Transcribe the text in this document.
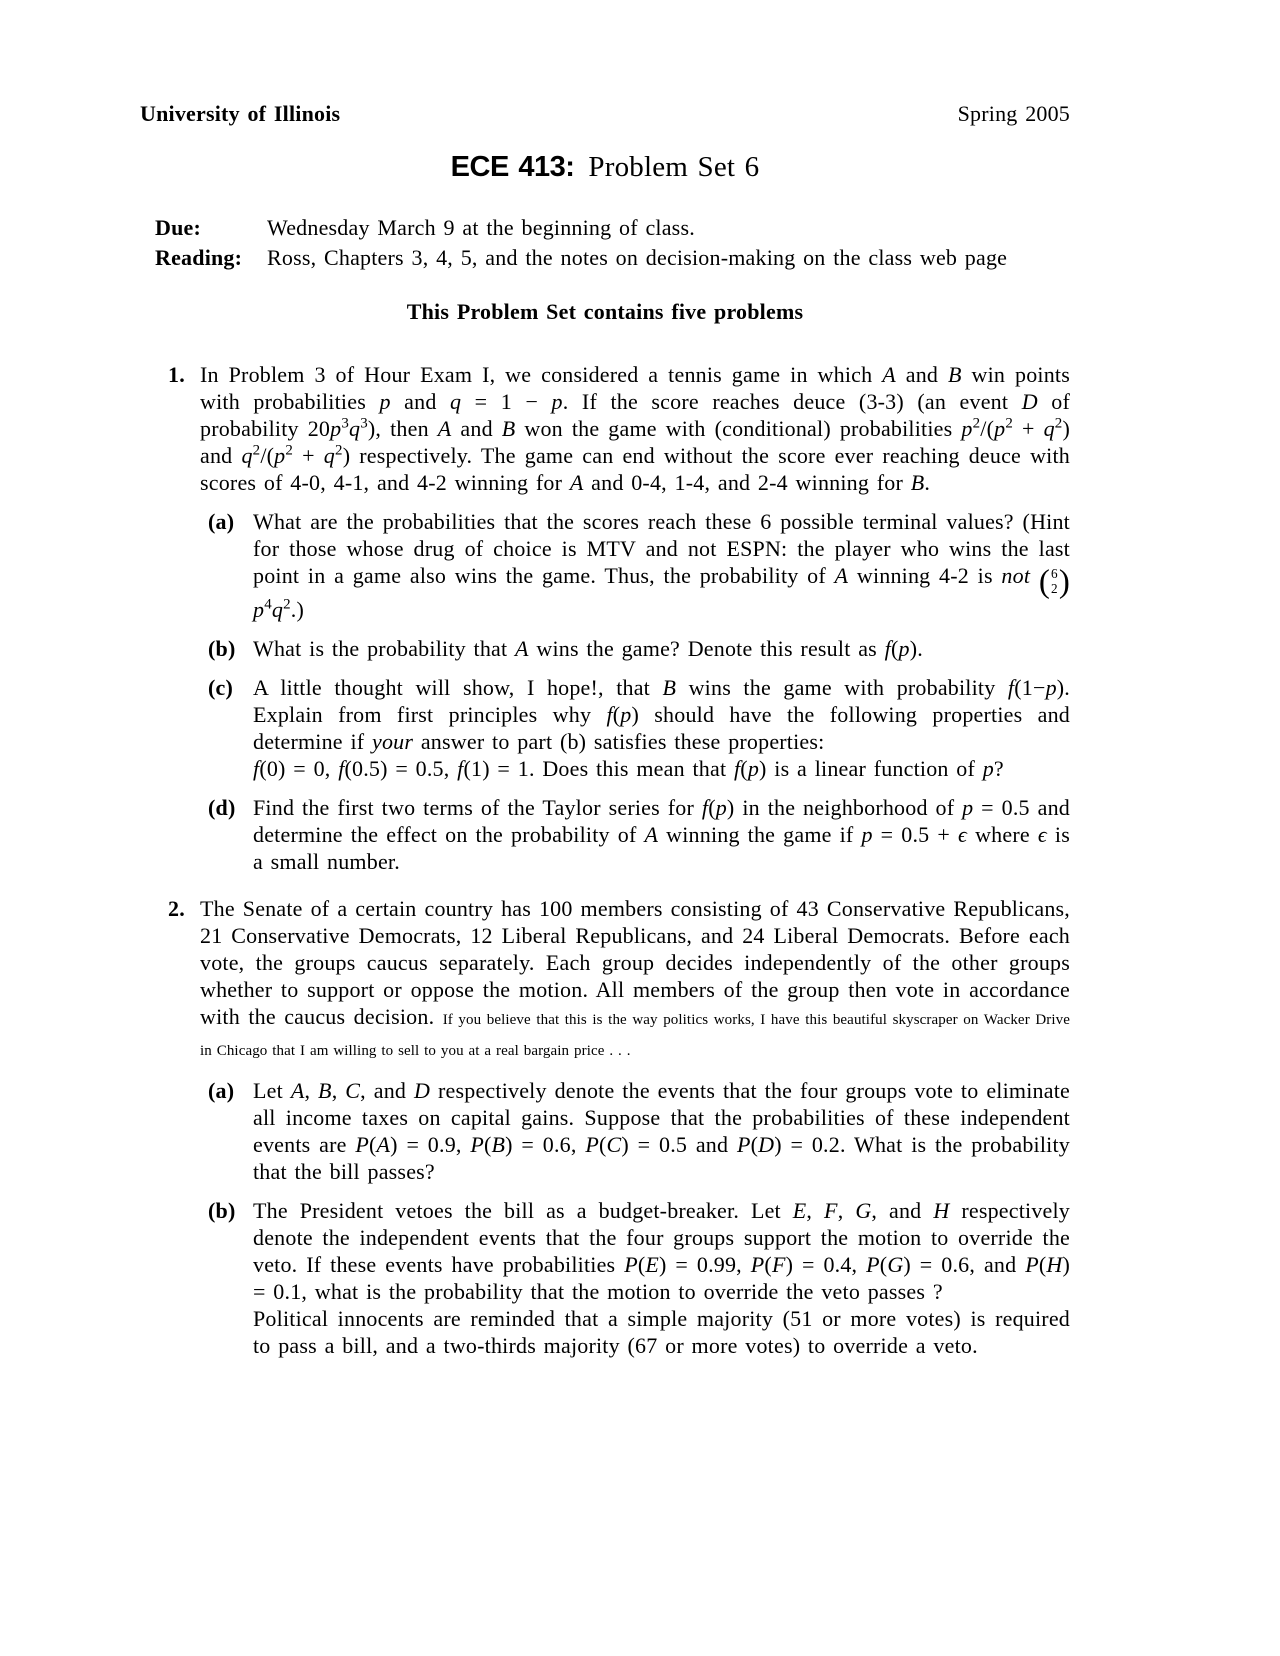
University of Illinois	Spring 2005
ECE 413: Problem Set 6
Due:	Wednesday March 9 at the beginning of class.
Reading: Ross, Chapters 3, 4, 5, and the notes on decision-making on the class web page
This Problem Set contains five problems
1. In Problem 3 of Hour Exam I, we considered a tennis game in which A and B win points with probabilities p and q = 1 − p. If the score reaches deuce (3-3) (an event D of probability $20p^3q^3$), then A and B won the game with (conditional) probabilities $p^2/(p^2 + q^2)$ and $q^2/(p^2 + q^2)$ respectively. The game can end without the score ever reaching deuce with scores of 4-0, 4-1, and 4-2 winning for A and 0-4, 1-4, and 2-4 winning for B.

(a) What are the probabilities that the scores reach these 6 possible terminal values? (Hint for those whose drug of choice is MTV and not ESPN: the player who wins the last point in a game also wins the game. Thus, the probability of A winning 4-2 is not ( 6
2 )
$p^4q^2$.)

(b) What is the probability that A wins the game? Denote this result as f(p).

(c) A little thought will show, I hope!, that B wins the game with probability f(1−p). Explain from first principles why f(p) should have the following properties and determine if your answer to part (b) satisfies these properties:
f(0) = 0, f(0.5) = 0.5, f(1) = 1. Does this mean that f(p) is a linear function of p?

(d) Find the first two terms of the Taylor series for f(p) in the neighborhood of p = 0.5 and determine the effect on the probability of A winning the game if p = 0.5 + ϵ where ϵ is a small number.

2. The Senate of a certain country has 100 members consisting of 43 Conservative Republicans, 21 Conservative Democrats, 12 Liberal Republicans, and 24 Liberal Democrats. Before each vote, the groups caucus separately. Each group decides independently of the other groups whether to support or oppose the motion. All members of the group then vote in accordance with the caucus decision. If you believe that this is the way politics works, I have this beautiful skyscraper on Wacker Drive in Chicago that I am willing to sell to you at a real bargain price . . .

(a) Let A, B, C, and D respectively denote the events that the four groups vote to eliminate all income taxes on capital gains. Suppose that the probabilities of these independent events are P(A) = 0.9, P(B) = 0.6, P(C) = 0.5 and P(D) = 0.2. What is the probability that the bill passes?

(b) The President vetoes the bill as a budget-breaker. Let E, F, G, and H respectively denote the independent events that the four groups support the motion to override the veto. If these events have probabilities P(E) = 0.99, P(F) = 0.4, P(G) = 0.6, and P(H) = 0.1, what is the probability that the motion to override the veto passes ?

Political innocents are reminded that a simple majority (51 or more votes) is required to pass a bill, and a two-thirds majority (67 or more votes) to override a veto.
